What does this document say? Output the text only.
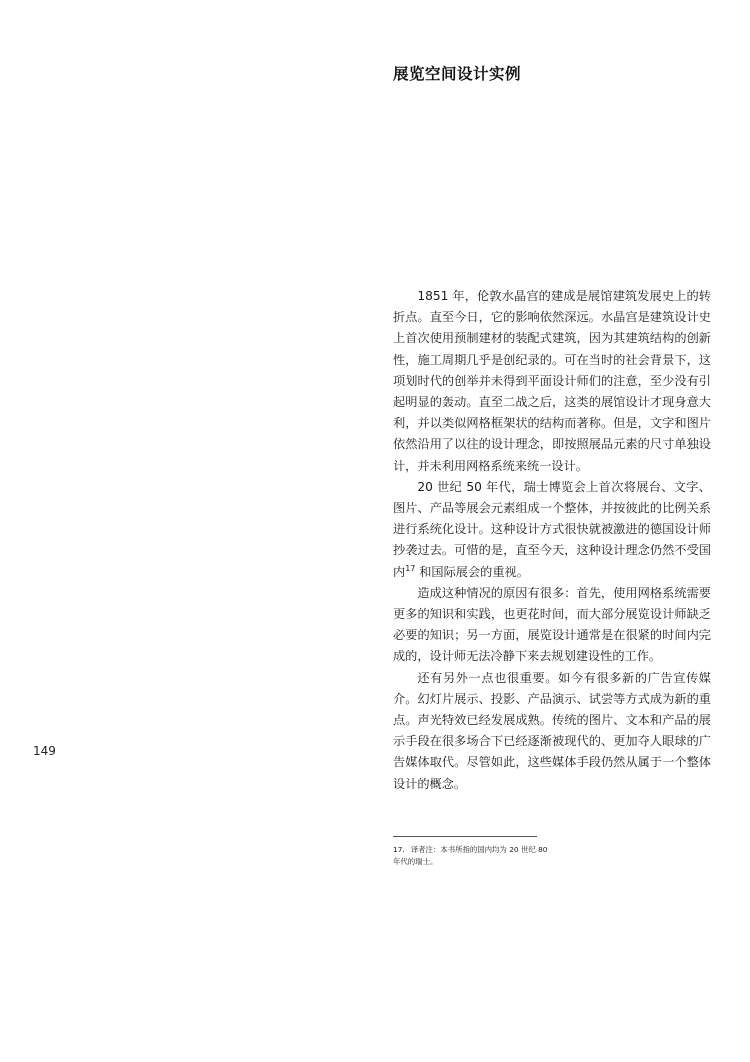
展览空间设计实例

1851 年，伦敦水晶宫的建成是展馆建筑发展史上的转折点。直至今日，它的影响依然深远。水晶宫是建筑设计史上首次使用预制建材的装配式建筑，因为其建筑结构的创新性，施工周期几乎是创纪录的。可在当时的社会背景下，这项划时代的创举并未得到平面设计师们的注意，至少没有引起明显的轰动。直至二战之后，这类的展馆设计才现身意大利，并以类似网格框架状的结构而著称。但是，文字和图片依然沿用了以往的设计理念，即按照展品元素的尺寸单独设计，并未利用网格系统来统一设计。

20 世纪 50 年代，瑞士博览会上首次将展台、文字、图片、产品等展会元素组成一个整体，并按彼此的比例关系进行系统化设计。这种设计方式很快就被激进的德国设计师抄袭过去。可惜的是，直至今天，这种设计理念仍然不受国内$^{17}$ 和国际展会的重视。

造成这种情况的原因有很多：首先，使用网格系统需要更多的知识和实践，也更花时间，而大部分展览设计师缺乏必要的知识；另一方面，展览设计通常是在很紧的时间内完成的，设计师无法冷静下来去规划建设性的工作。

还有另外一点也很重要。如今有很多新的广告宣传媒介。幻灯片展示、投影、产品演示、试尝等方式成为新的重点。声光特效已经发展成熟。传统的图片、文本和产品的展示手段在很多场合下已经逐渐被现代的、更加夺人眼球的广告媒体取代。尽管如此，这些媒体手段仍然从属于一个整体设计的概念。

149
17. 译者注：本书所指的国内均为 20 世纪 80 年代的瑞士。
